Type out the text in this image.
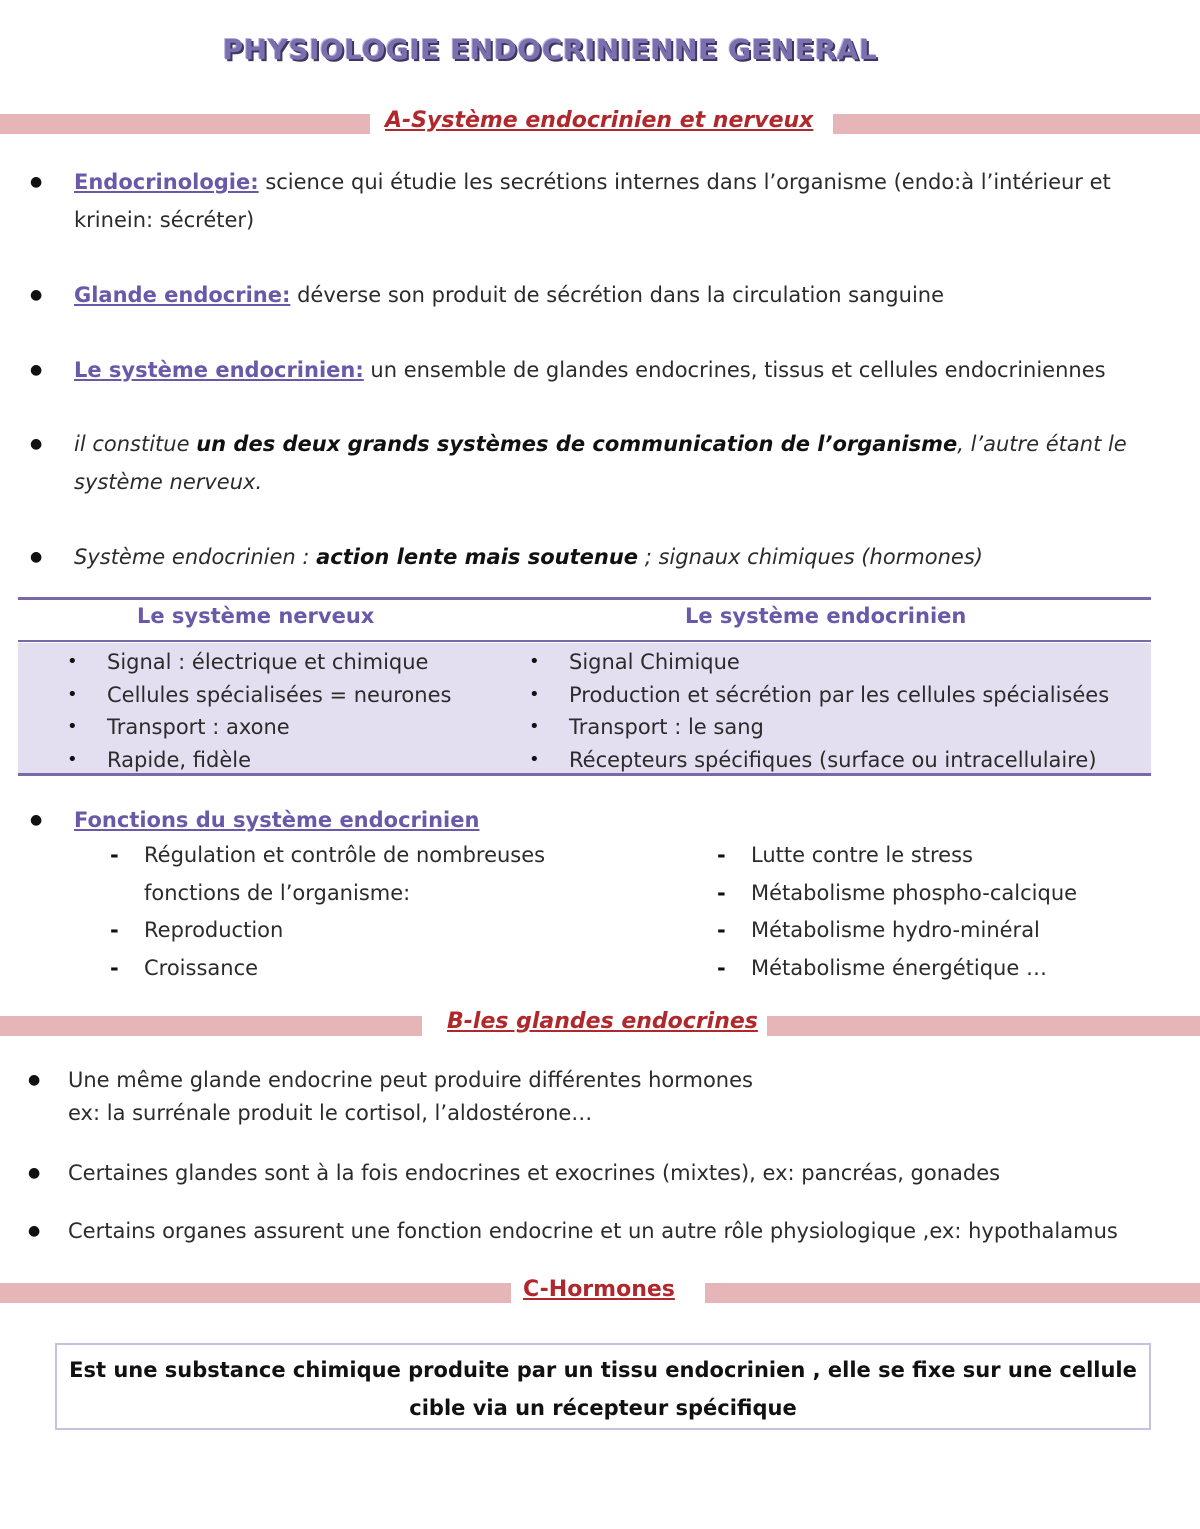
PHYSIOLOGIE ENDOCRINIENNE GENERAL
A-Système endocrinien et nerveux
● Endocrinologie: science qui étudie les secrétions internes dans l’organisme (endo:à l’intérieur et
krinein: sécréter)
● Glande endocrine: déverse son produit de sécrétion dans la circulation sanguine
● Le système endocrinien: un ensemble de glandes endocrines, tissus et cellules endocriniennes
● il constitue un des deux grands systèmes de communication de l’organisme, l’autre étant le
système nerveux.
● Système endocrinien : action lente mais soutenue ; signaux chimiques (hormones)
Le système nerveux	Le système endocrinien
• Signal : électrique et chimique
• Cellules spécialisées = neurones
• Transport : axone
• Rapide, fidèle
• Signal Chimique
• Production et sécrétion par les cellules spécialisées
• Transport : le sang
• Récepteurs spécifiques (surface ou intracellulaire)
● Fonctions du système endocrinien
- Régulation et contrôle de nombreuses
fonctions de l’organisme:
- Reproduction
- Croissance
- Lutte contre le stress
- Métabolisme phospho-calcique
- Métabolisme hydro-minéral
- Métabolisme énergétique …
B-les glandes endocrines
● Une même glande endocrine peut produire différentes hormones
ex: la surrénale produit le cortisol, l’aldostérone…
● Certaines glandes sont à la fois endocrines et exocrines (mixtes), ex: pancréas, gonades
● Certains organes assurent une fonction endocrine et un autre rôle physiologique ,ex: hypothalamus
C-Hormones
Est une substance chimique produite par un tissu endocrinien , elle se fixe sur une cellule
cible via un récepteur spécifique
